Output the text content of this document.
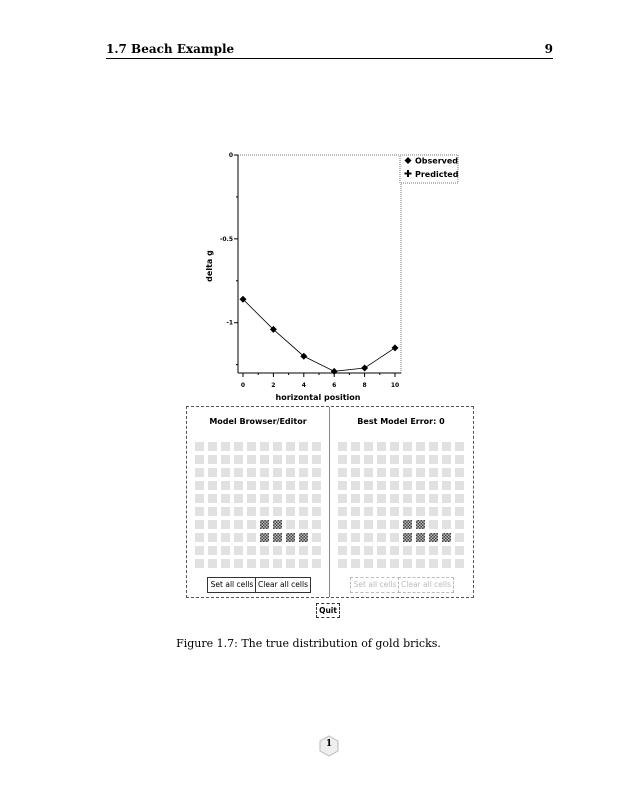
1.7 Beach Example	9
0	2	4	6	8	10
0
-0.5
-1
horizontal position
delta g
Observed
Predicted
Model Browser/Editor
Set all cells Clear all cells
Best Model Error: 0
Set all cells Clear all cells
Quit
Figure 1.7: The true distribution of gold bricks.
1
